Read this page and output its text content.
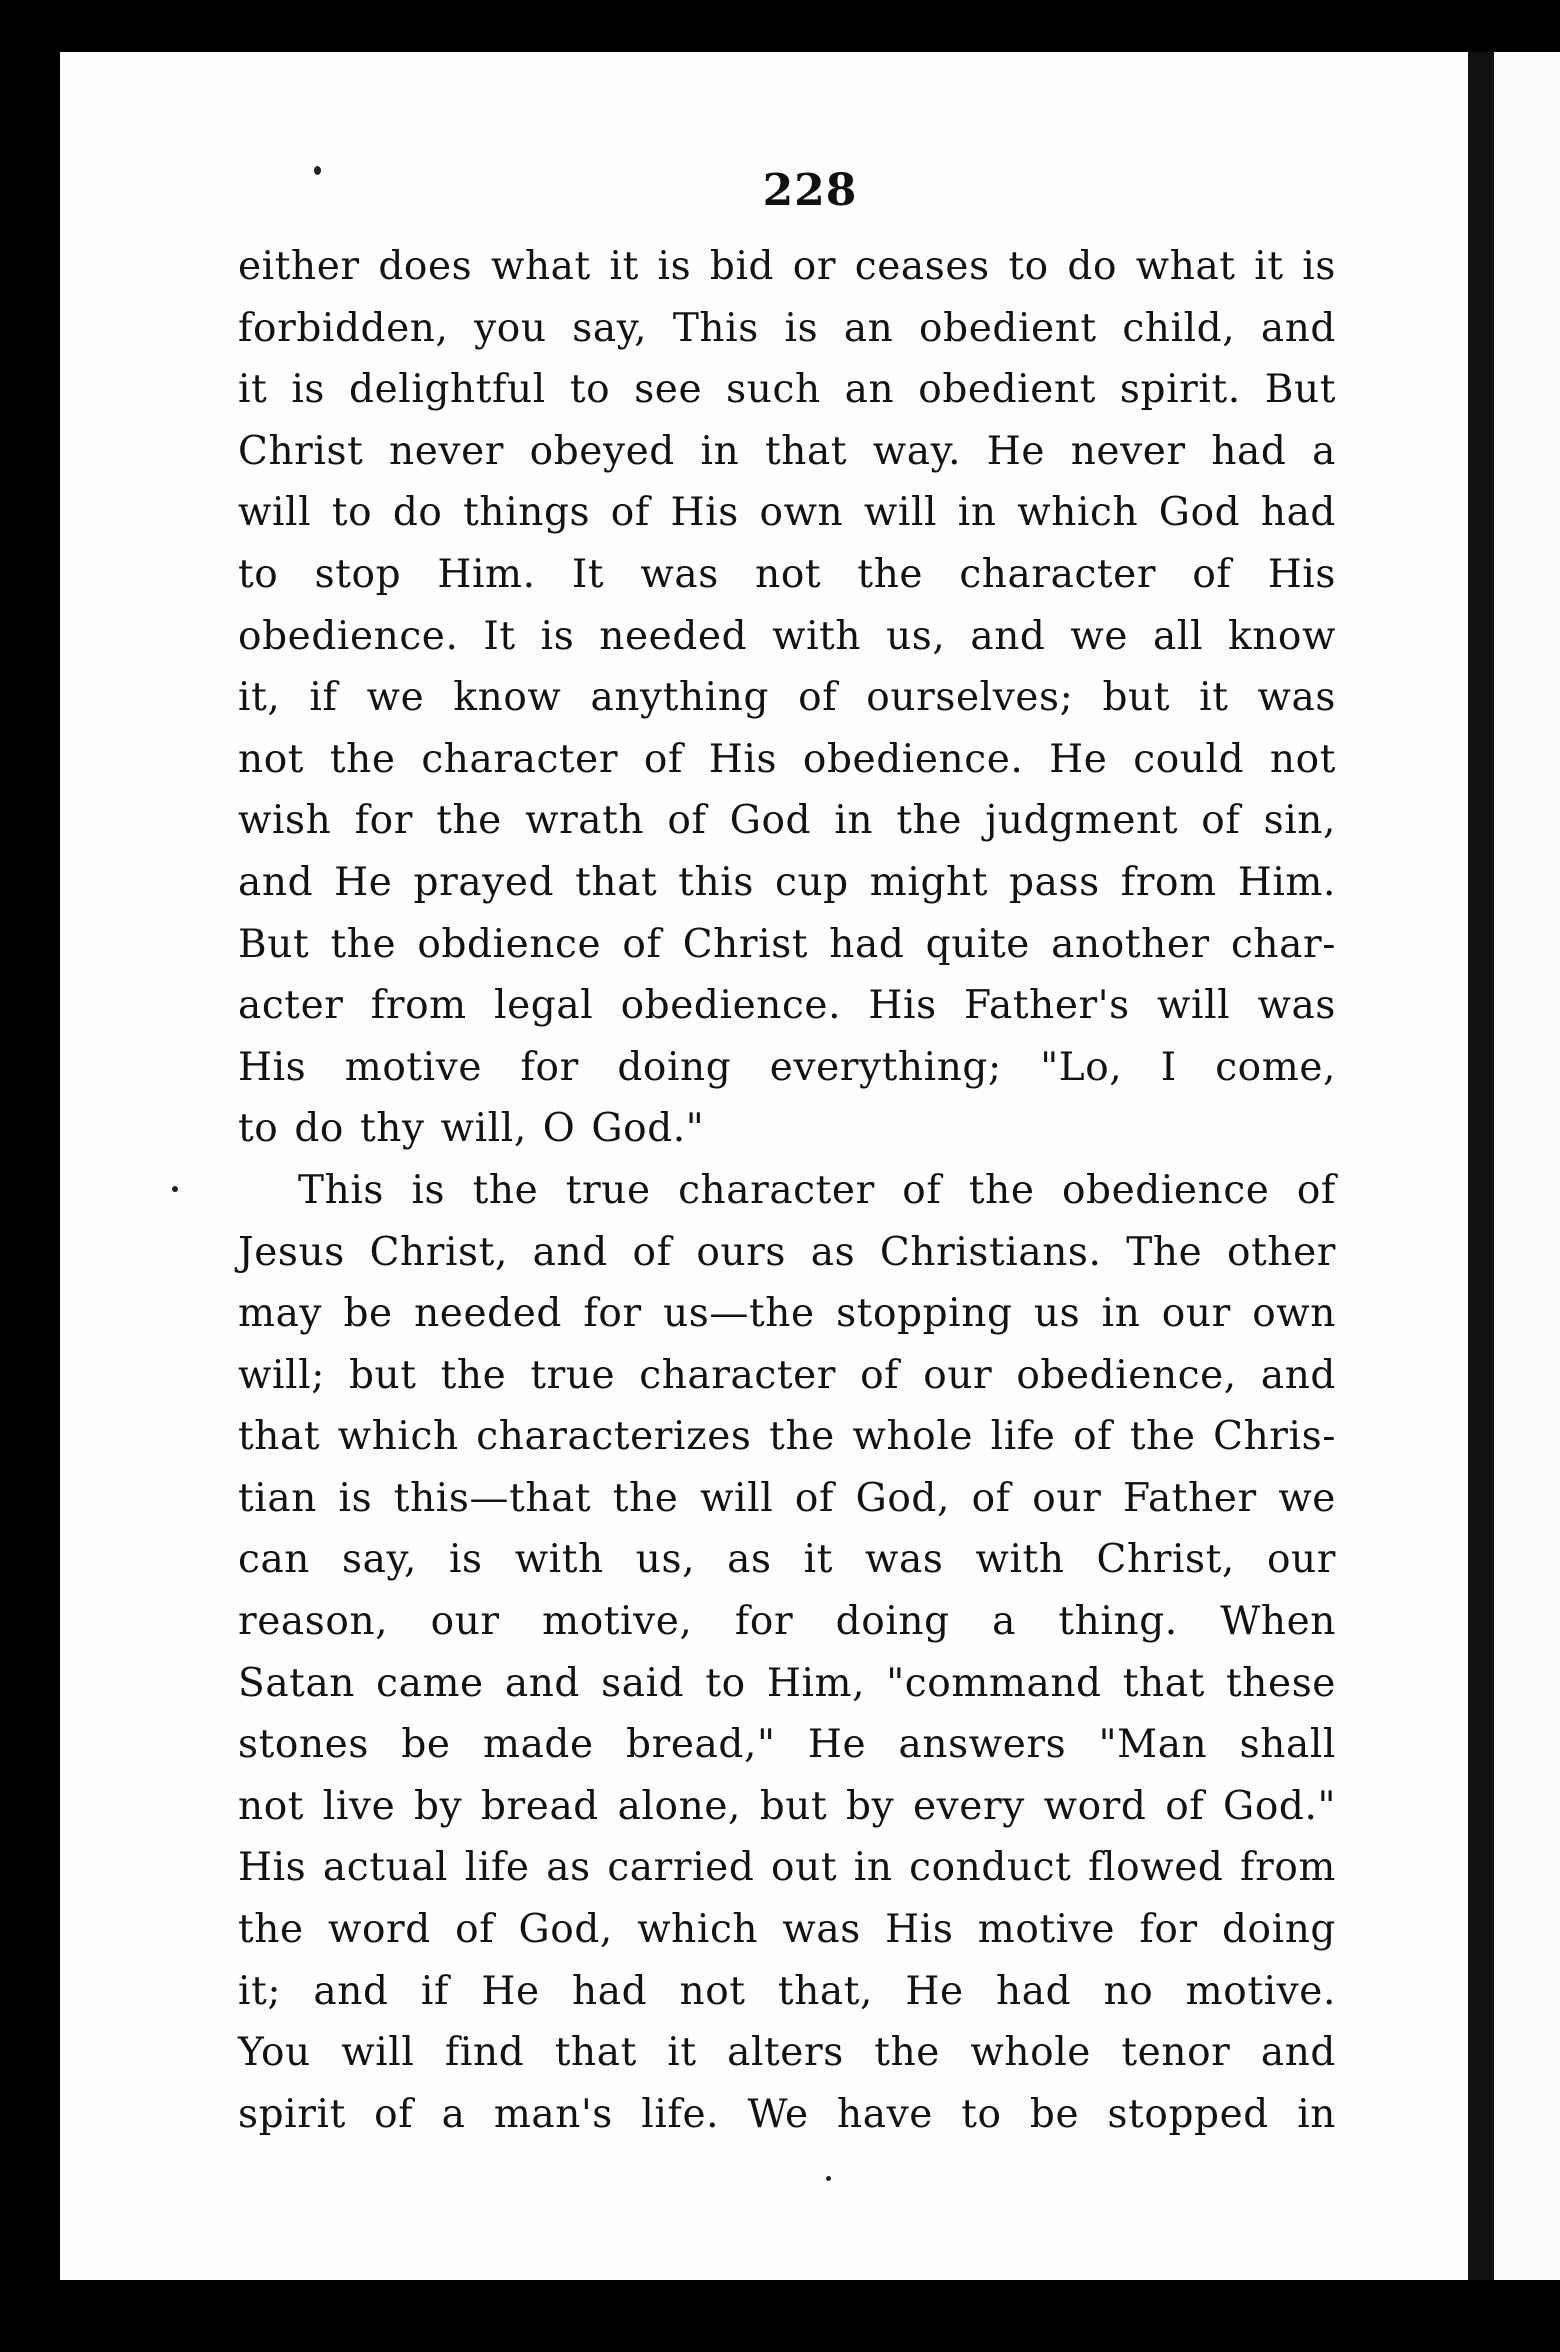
228
either does what it is bid or ceases to do what it is
forbidden, you say, This is an obedient child, and
it is delightful to see such an obedient spirit. But
Christ never obeyed in that way. He never had a
will to do things of His own will in which God had
to stop Him. It was not the character of His
obedience. It is needed with us, and we all know
it, if we know anything of ourselves; but it was
not the character of His obedience. He could not
wish for the wrath of God in the judgment of sin,
and He prayed that this cup might pass from Him.
But the obdience of Christ had quite another char-
acter from legal obedience. His Father's will was
His motive for doing everything; "Lo, I come,
to do thy will, O God."
This is the true character of the obedience of
Jesus Christ, and of ours as Christians. The other
may be needed for us—the stopping us in our own
will; but the true character of our obedience, and
that which characterizes the whole life of the Chris-
tian is this—that the will of God, of our Father we
can say, is with us, as it was with Christ, our
reason, our motive, for doing a thing. When
Satan came and said to Him, "command that these
stones be made bread," He answers "Man shall
not live by bread alone, but by every word of God."
His actual life as carried out in conduct flowed from
the word of God, which was His motive for doing
it; and if He had not that, He had no motive.
You will find that it alters the whole tenor and
spirit of a man's life. We have to be stopped in
